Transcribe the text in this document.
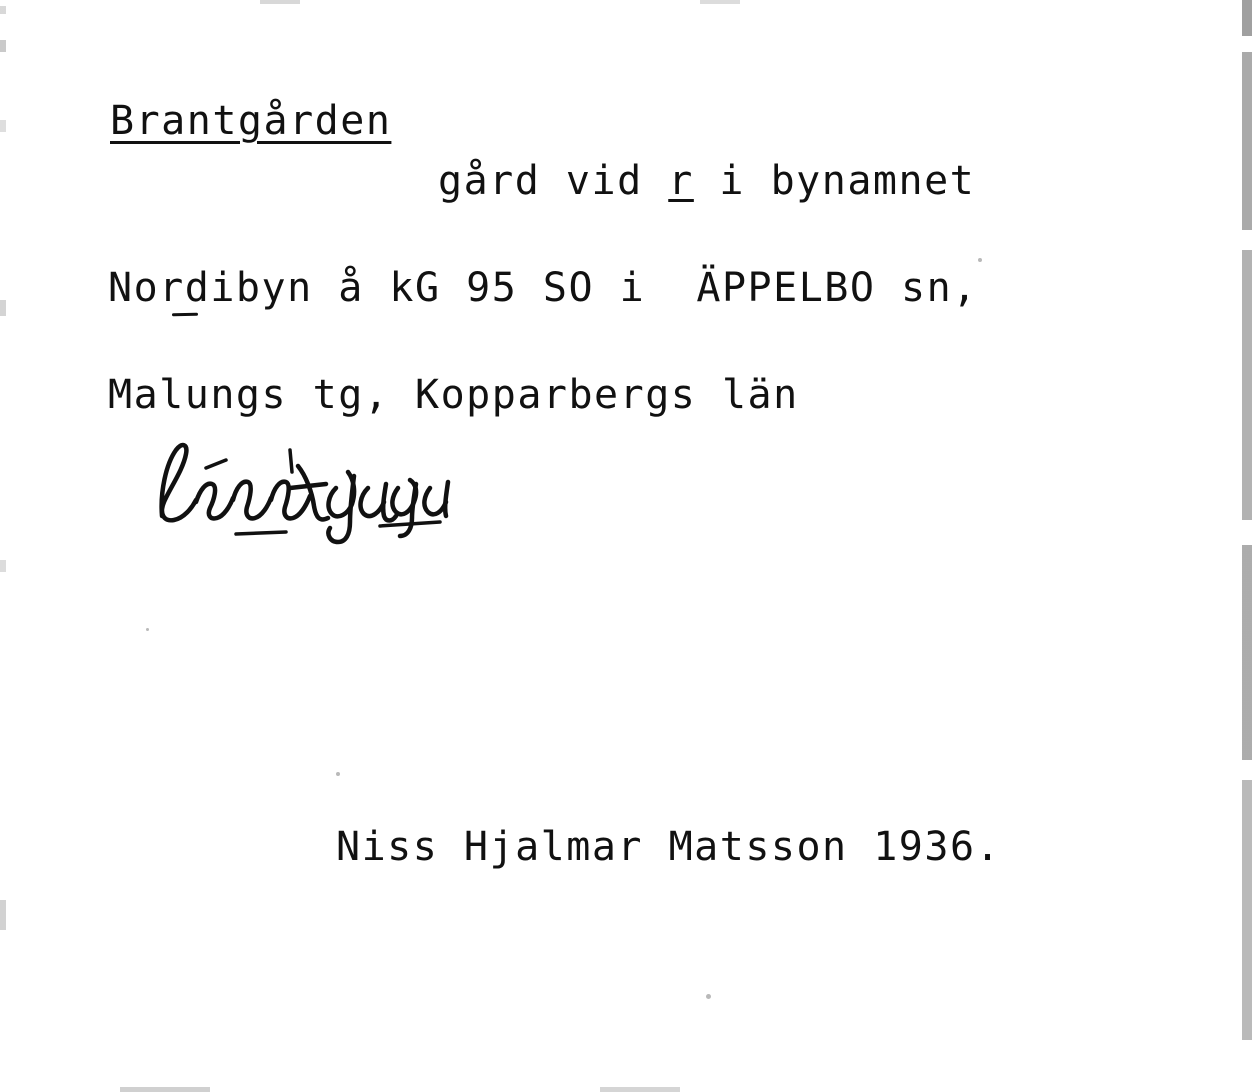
Brantgården
gård vid r i bynamnet
Nordibyn å kG 95 SO i  ÄPPELBO sn,
Malungs tg, Kopparbergs län
Niss Hjalmar Matsson 1936.
